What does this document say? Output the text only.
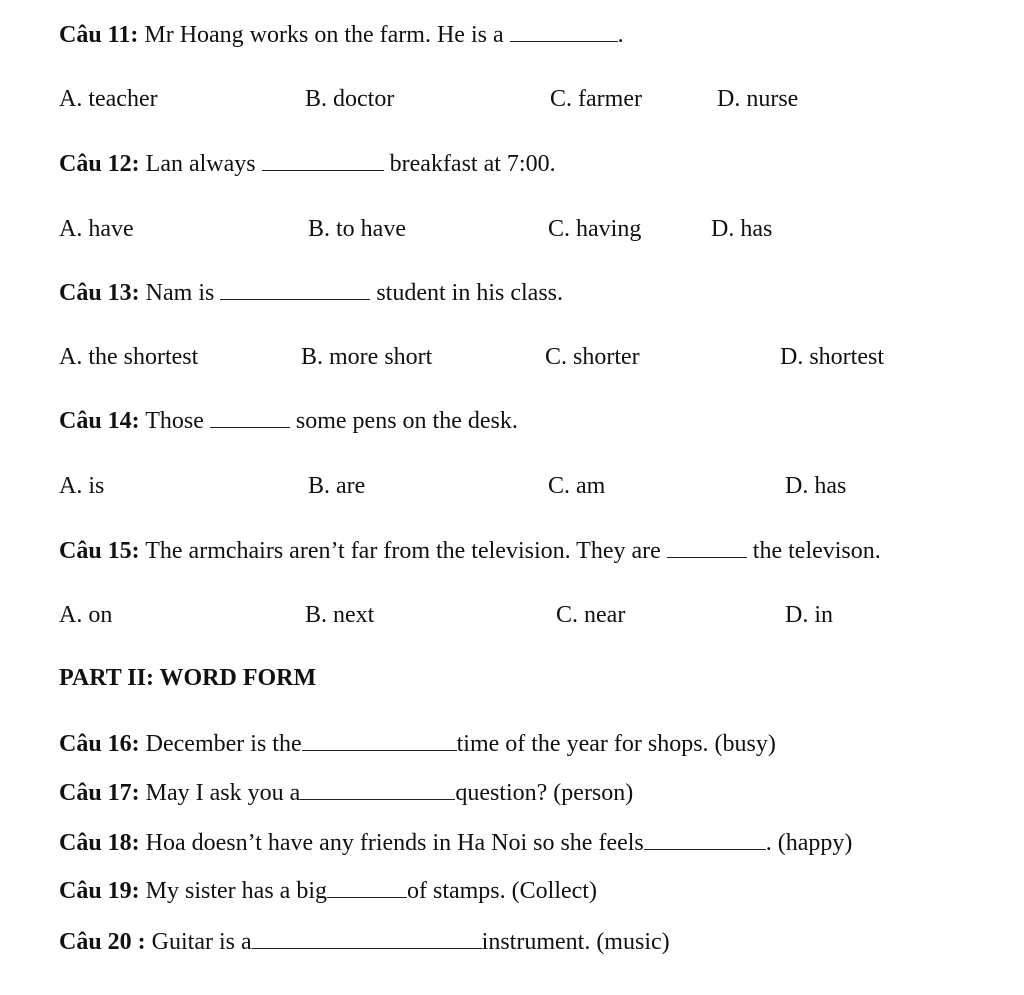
Câu 11: Mr Hoang works on the farm. He is a	.
A. teacher	B. doctor	C. farmer	D. nurse
Câu 12: Lan always	breakfast at 7:00.
A. have	B. to have	C. having	D. has
Câu 13: Nam is	student in his class.
A. the shortest	B. more short	C. shorter	D. shortest
Câu 14: Those	some pens on the desk.
A. is	B. are	C. am	D. has
Câu 15: The armchairs aren’t far from the television. They are	the televison.
A. on	B. next	C. near	D. in
PART II: WORD FORM
Câu 16: December is the	time of the year for shops. (busy)
Câu 17: May I ask you a	question? (person)
Câu 18: Hoa doesn’t have any friends in Ha Noi so she feels	. (happy)
Câu 19: My sister has a big	of stamps. (Collect)
Câu 20 : Guitar is a	instrument. (music)
